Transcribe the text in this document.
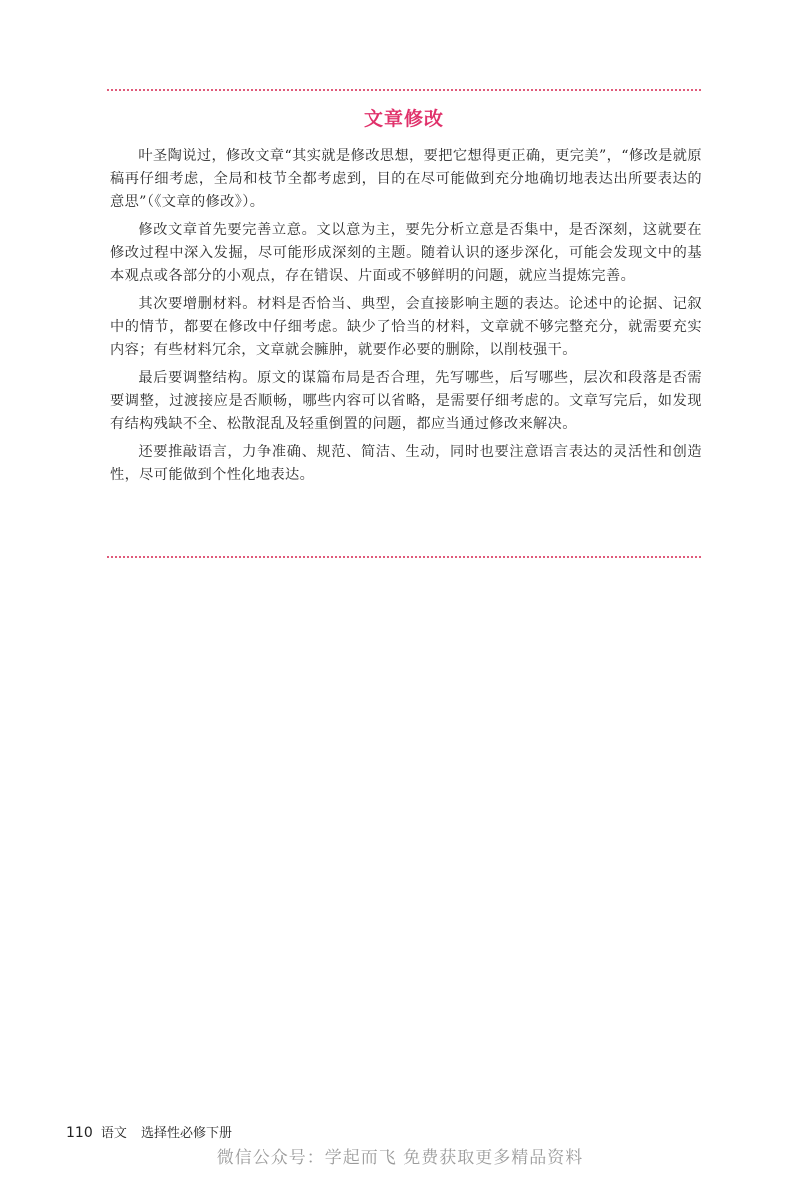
文章修改

叶圣陶说过，修改文章“其实就是修改思想，要把它想得更正确，更完美”，“修改是就原稿再仔细考虑，全局和枝节全都考虑到，目的在尽可能做到充分地确切地表达出所要表达的意思”（《文章的修改》）。

修改文章首先要完善立意。文以意为主，要先分析立意是否集中，是否深刻，这就要在修改过程中深入发掘，尽可能形成深刻的主题。随着认识的逐步深化，可能会发现文中的基本观点或各部分的小观点，存在错误、片面或不够鲜明的问题，就应当提炼完善。

其次要增删材料。材料是否恰当、典型，会直接影响主题的表达。论述中的论据、记叙中的情节，都要在修改中仔细考虑。缺少了恰当的材料，文章就不够完整充分，就需要充实内容；有些材料冗余，文章就会臃肿，就要作必要的删除，以削枝强干。

最后要调整结构。原文的谋篇布局是否合理，先写哪些，后写哪些，层次和段落是否需要调整，过渡接应是否顺畅，哪些内容可以省略，是需要仔细考虑的。文章写完后，如发现有结构残缺不全、松散混乱及轻重倒置的问题，都应当通过修改来解决。

还要推敲语言，力争准确、规范、简洁、生动，同时也要注意语言表达的灵活性和创造性，尽可能做到个性化地表达。

110 语文 选择性必修下册
微信公众号：学起而飞 免费获取更多精品资料
